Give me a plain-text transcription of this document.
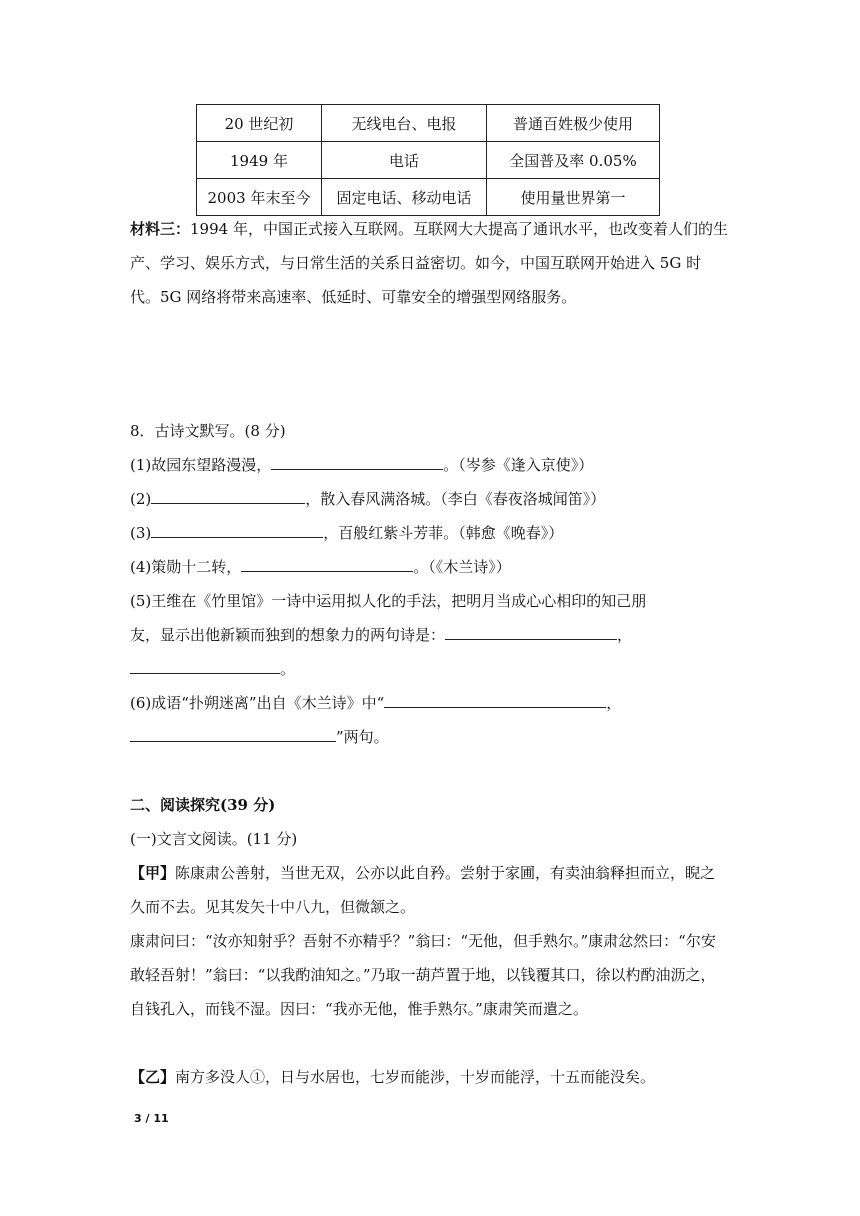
20 世纪初	无线电台、电报	普通百姓极少使用
1949 年	电话	全国普及率 0.05%
2003 年末至今	固定电话、移动电话	使用量世界第一
材料三：1994 年，中国正式接入互联网。互联网大大提高了通讯水平，也改变着人们的生产、学习、娱乐方式，与日常生活的关系日益密切。如今，中国互联网开始进入 5G 时代。5G 网络将带来高速率、低延时、可靠安全的增强型网络服务。
8．古诗文默写。(8 分)
(1)故园东望路漫漫，	。（岑参《逢入京使》）
(2)	，散入春风满洛城。（李白《春夜洛城闻笛》）
(3)	，百般红紫斗芳菲。（韩愈《晚春》）
(4)策勋十二转，	。（《木兰诗》）
(5)王维在《竹里馆》一诗中运用拟人化的手法，把明月当成心心相印的知己朋
友，显示出他新颖而独到的想象力的两句诗是：	，
。
(6)成语“扑朔迷离”出自《木兰诗》中“	，
”两句。
二、阅读探究(39 分)
(一)文言文阅读。(11 分)
【甲】陈康肃公善射，当世无双，公亦以此自矜。尝射于家圃，有卖油翁释担而立，睨之久而不去。见其发矢十中八九，但微颔之。
康肃问曰：“汝亦知射乎？吾射不亦精乎？”翁曰：“无他，但手熟尔。”康肃忿然曰：“尔安敢轻吾射！”翁曰：“以我酌油知之。”乃取一葫芦置于地，以钱覆其口，徐以杓酌油沥之，自钱孔入，而钱不湿。因曰：“我亦无他，惟手熟尔。”康肃笑而遣之。
【乙】南方多没人①，日与水居也，七岁而能涉，十岁而能浮，十五而能没矣。
3 / 11
